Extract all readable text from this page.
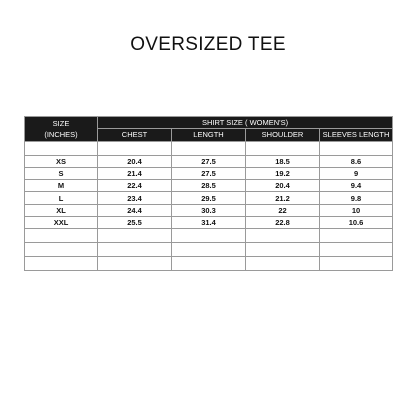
OVERSIZED TEE
SIZE
(INCHES)	SHIRT SIZE ( WOMEN'S)			
	CHEST	LENGTH	SHOULDER	SLEEVES LENGTH

XS	20.4	27.5	18.5	8.6
S	21.4	27.5	19.2	9
M	22.4	28.5	20.4	9.4
L	23.4	29.5	21.2	9.8
XL	24.4	30.3	22	10
XXL	25.5	31.4	22.8	10.6
